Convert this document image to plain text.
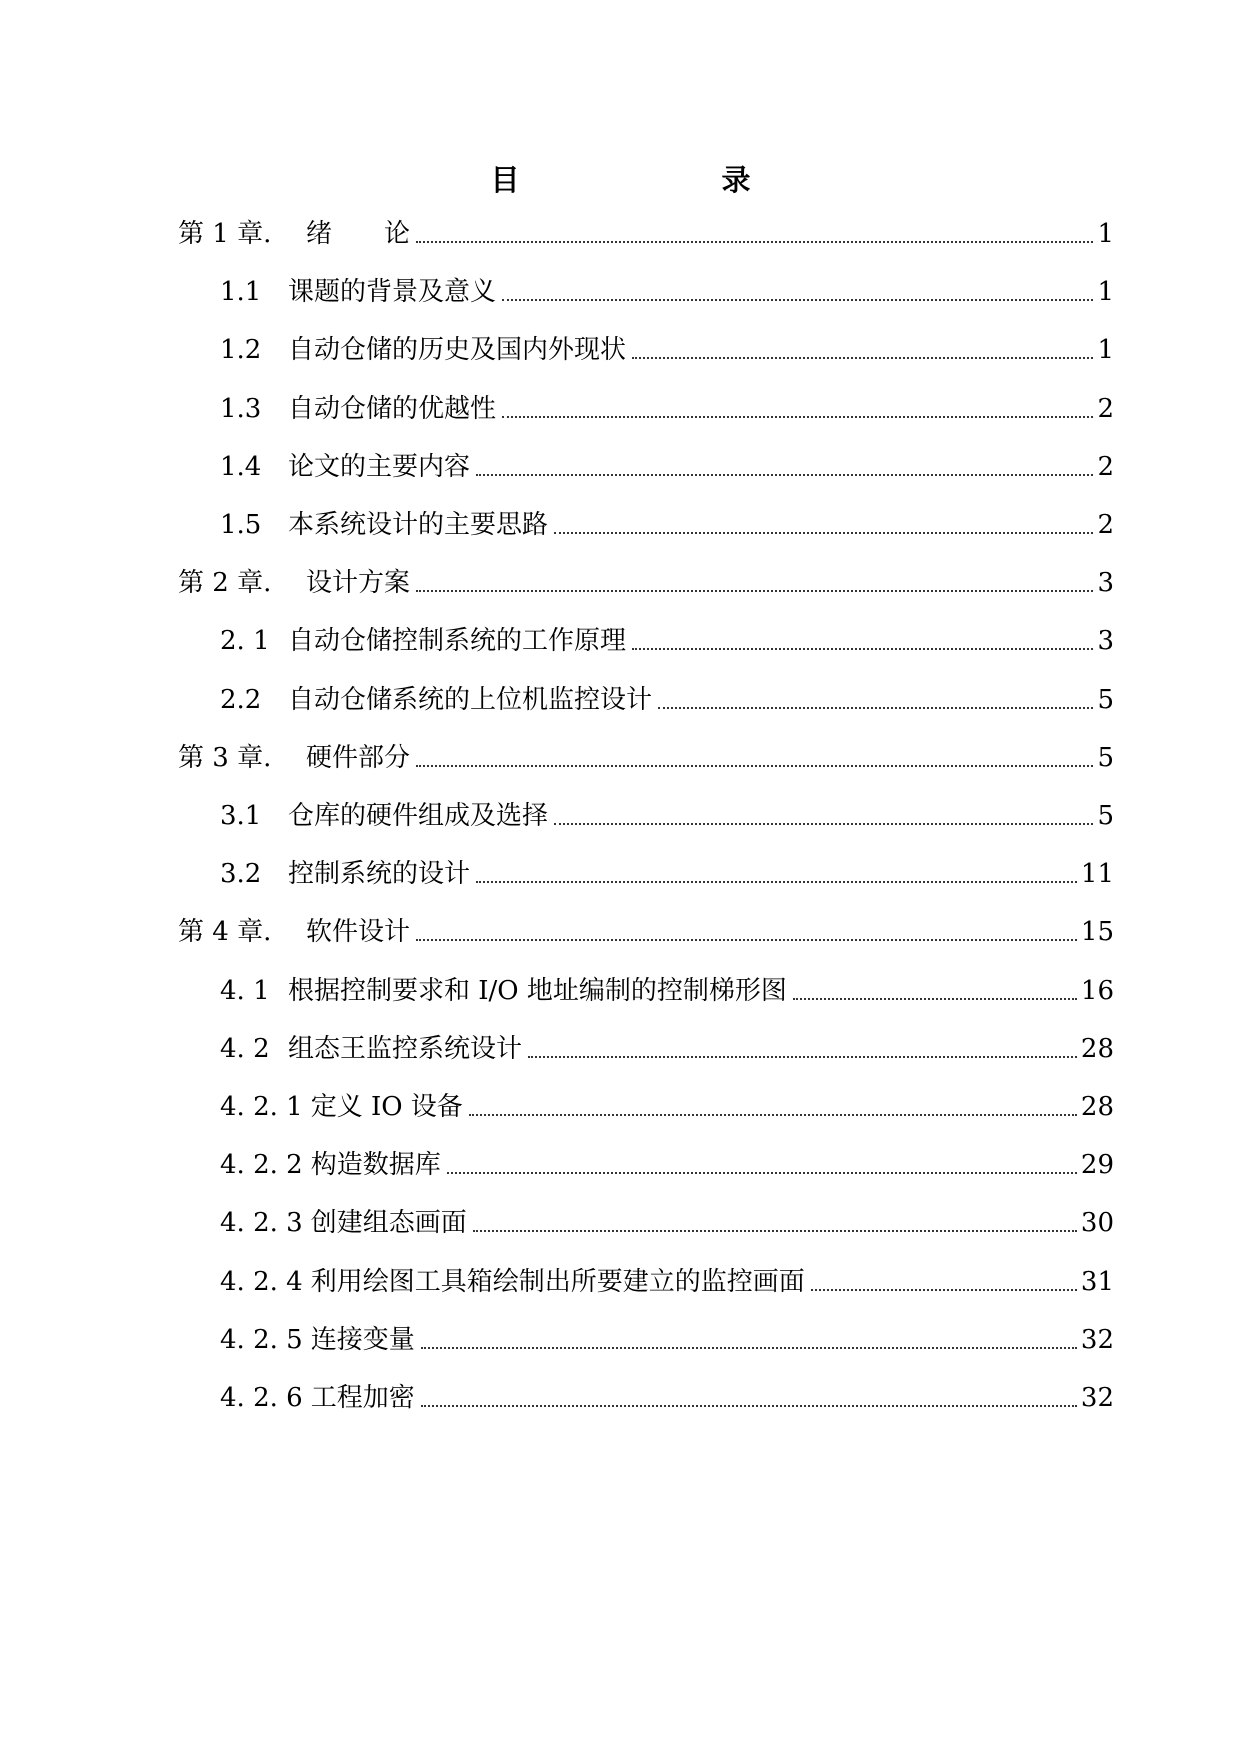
目　　录
第 1 章.	绪　　论	1
1.1	课题的背景及意义	1
1.2	自动仓储的历史及国内外现状	1
1.3	自动仓储的优越性	2
1.4	论文的主要内容	2
1.5	本系统设计的主要思路	2
第 2 章.	设计方案	3
2. 1 自动仓储控制系统的工作原理	3
2.2	自动仓储系统的上位机监控设计	5
第 3 章.	硬件部分	5
3.1	仓库的硬件组成及选择	5
3.2	控制系统的设计	11
第 4 章.	软件设计	15
4. 1 根据控制要求和 I/O 地址编制的控制梯形图	16
4. 2 组态王监控系统设计	28
4. 2. 1 定义 IO 设备	28
4. 2. 2 构造数据库	29
4. 2. 3 创建组态画面	30
4. 2. 4 利用绘图工具箱绘制出所要建立的监控画面	31
4. 2. 5 连接变量	32
4. 2. 6 工程加密	32
